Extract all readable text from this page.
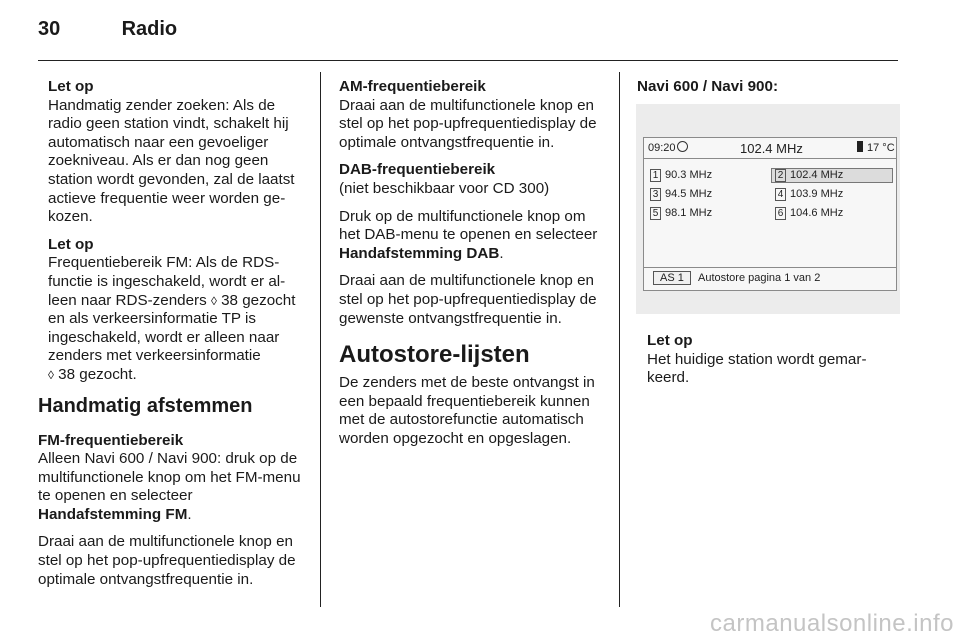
30	Radio
Let op

Handmatig zender zoeken: Als de radio geen station vindt, schakelt hij automatisch naar een gevoeliger zoekniveau. Als er dan nog geen station wordt gevonden, zal de laatst actieve frequentie weer worden gekozen.

Let op

Frequentiebereik FM: Als de RDS-functie is ingeschakeld, wordt er alleen naar RDS-zenders ◊ 38 gezocht en als verkeersinformatie TP is ingeschakeld, wordt er alleen naar zenders met verkeersinformatie
◊ 38 gezocht.

Handmatig afstemmen
FM-frequentiebereik

Alleen Navi 600 / Navi 900: druk op de multifunctionele knop om het FM-menu te openen en selecteer Handafstemming FM.

Draai aan de multifunctionele knop en stel op het pop-upfrequentiedisplay de optimale ontvangstfrequentie in.

AM-frequentiebereik

Draai aan de multifunctionele knop en stel op het pop-upfrequentiedisplay de optimale ontvangstfrequentie in.

DAB-frequentiebereik

(niet beschikbaar voor CD 300)

Druk op de multifunctionele knop om het DAB-menu te openen en selecteer Handafstemming DAB.

Draai aan de multifunctionele knop en stel op het pop-upfrequentiedisplay de gewenste ontvangstfrequentie in.

Autostore-lijsten

De zenders met de beste ontvangst in een bepaald frequentiebereik kunnen met de autostorefunctie automatisch worden opgezocht en opgeslagen.

Navi 600 / Navi 900:
09:20	102.4 MHz	17 °C
1 90.3 MHz	2 102.4 MHz
3 94.5 MHz	4 103.9 MHz
5 98.1 MHz	6 104.6 MHz
AS 1	Autostore pagina 1 van 2
Let op

Het huidige station wordt gemarkeerd.

carmanualsonline.info
